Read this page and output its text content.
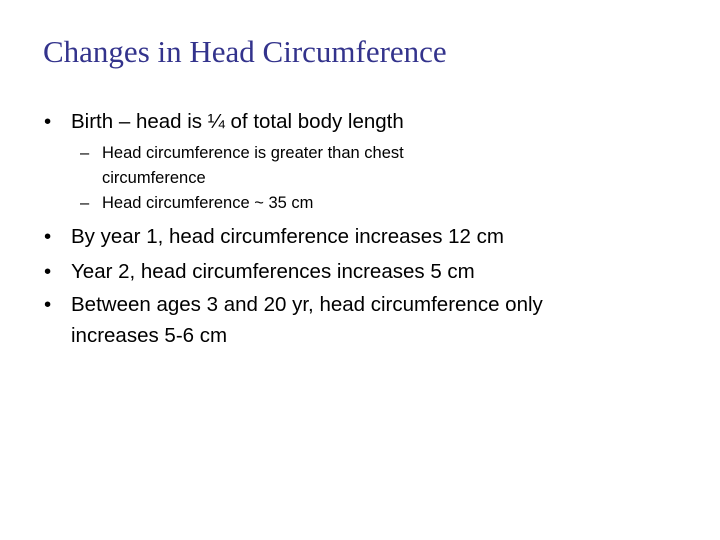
Changes in Head Circumference
• Birth – head is ¼ of total body length
– Head circumference is greater than chest circumference
– Head circumference ~ 35 cm
• By year 1, head circumference increases 12 cm
• Year 2, head circumferences increases 5 cm
• Between ages 3 and 20 yr, head circumference only increases 5-6 cm
